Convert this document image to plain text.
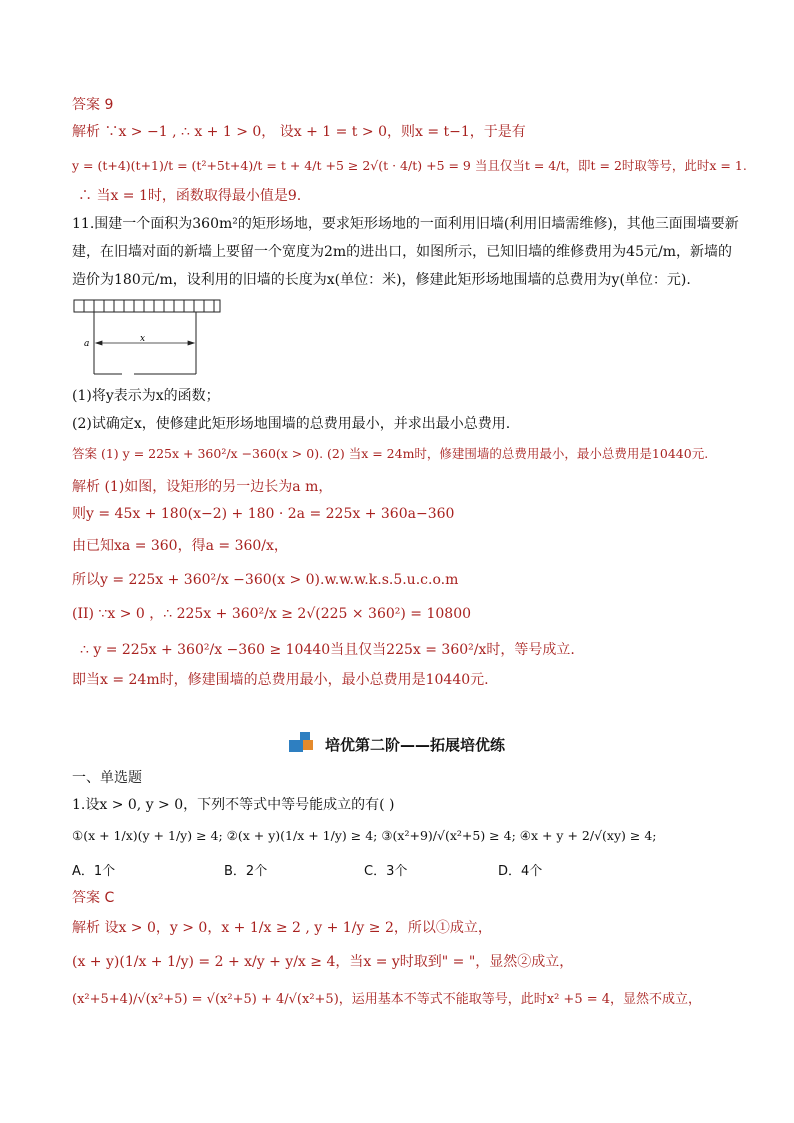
答案 9
解析 ∵x > −1 , ∴ x + 1 > 0， 设x + 1 = t > 0，则x = t−1，于是有
y = (t+4)(t+1)/t = (t²+5t+4)/t = t + 4/t +5 ≥ 2√(t · 4/t) +5 = 9 当且仅当t = 4/t，即t = 2时取等号，此时x = 1.
∴ 当x = 1时，函数取得最小值是9.
11.围建一个面积为360m²的矩形场地，要求矩形场地的一面利用旧墙(利用旧墙需维修)，其他三面围墙要新
建，在旧墙对面的新墙上要留一个宽度为2m的进出口，如图所示，已知旧墙的维修费用为45元/m，新墙的
造价为180元/m，设利用的旧墙的长度为x(单位：米)，修建此矩形场地围墙的总费用为y(单位：元).
x
a
(1)将y表示为x的函数；
(2)试确定x，使修建此矩形场地围墙的总费用最小，并求出最小总费用.
答案 (1) y = 225x + 360²/x −360(x > 0). (2) 当x = 24m时，修建围墙的总费用最小，最小总费用是10440元.
解析 (1)如图，设矩形的另一边长为a m，
则y = 45x + 180(x−2) + 180 · 2a = 225x + 360a−360
由已知xa = 360，得a = 360/x，
所以y = 225x + 360²/x −360(x > 0).w.w.w.k.s.5.u.c.o.m
(II) ∵x > 0 ，∴ 225x + 360²/x ≥ 2√(225 × 360²) = 10800
∴ y = 225x + 360²/x −360 ≥ 10440当且仅当225x = 360²/x时，等号成立.
即当x = 24m时，修建围墙的总费用最小，最小总费用是10440元.
培优第二阶——拓展培优练
一、单选题
1.设x > 0, y > 0，下列不等式中等号能成立的有( )
①(x + 1/x)(y + 1/y) ≥ 4; ②(x + y)(1/x + 1/y) ≥ 4; ③(x²+9)/√(x²+5) ≥ 4; ④x + y + 2/√(xy) ≥ 4;
A．1个	B．2个	C．3个	D．4个
答案 C
解析 设x > 0，y > 0，x + 1/x ≥ 2 , y + 1/y ≥ 2，所以①成立，
(x + y)(1/x + 1/y) = 2 + x/y + y/x ≥ 4，当x = y时取到" = "，显然②成立，
(x²+5+4)/√(x²+5) = √(x²+5) + 4/√(x²+5)，运用基本不等式不能取等号，此时x² +5 = 4，显然不成立，
